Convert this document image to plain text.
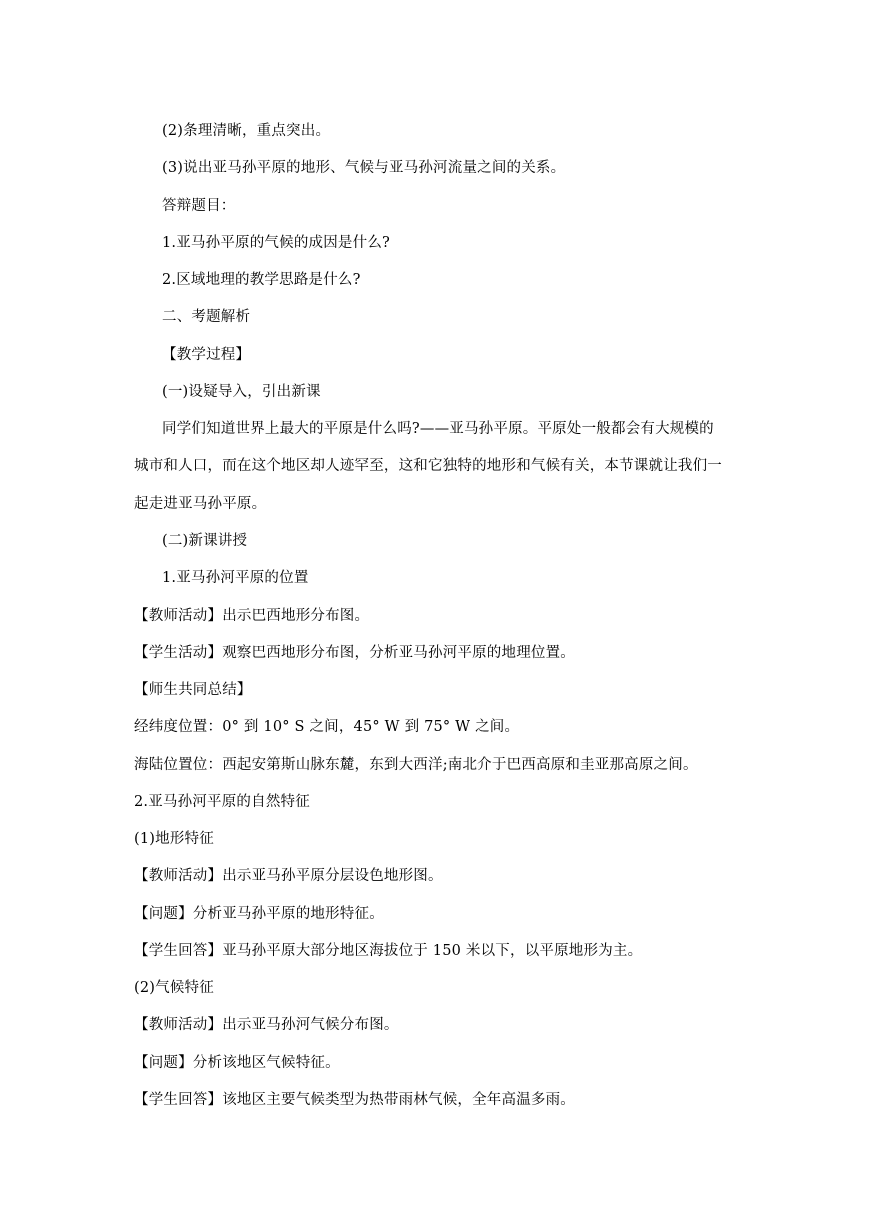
(2)条理清晰，重点突出。
(3)说出亚马孙平原的地形、气候与亚马孙河流量之间的关系。
答辩题目：
1.亚马孙平原的气候的成因是什么?
2.区域地理的教学思路是什么?
二、考题解析
【教学过程】
(一)设疑导入，引出新课
同学们知道世界上最大的平原是什么吗?——亚马孙平原。平原处一般都会有大规模的
城市和人口，而在这个地区却人迹罕至，这和它独特的地形和气候有关，本节课就让我们一
起走进亚马孙平原。
(二)新课讲授
1.亚马孙河平原的位置
【教师活动】出示巴西地形分布图。
【学生活动】观察巴西地形分布图，分析亚马孙河平原的地理位置。
【师生共同总结】
经纬度位置：0° 到 10° S 之间，45° W 到 75° W 之间。
海陆位置位：西起安第斯山脉东麓，东到大西洋;南北介于巴西高原和圭亚那高原之间。
2.亚马孙河平原的自然特征
(1)地形特征
【教师活动】出示亚马孙平原分层设色地形图。
【问题】分析亚马孙平原的地形特征。
【学生回答】亚马孙平原大部分地区海拔位于 150 米以下，以平原地形为主。
(2)气候特征
【教师活动】出示亚马孙河气候分布图。
【问题】分析该地区气候特征。
【学生回答】该地区主要气候类型为热带雨林气候，全年高温多雨。
